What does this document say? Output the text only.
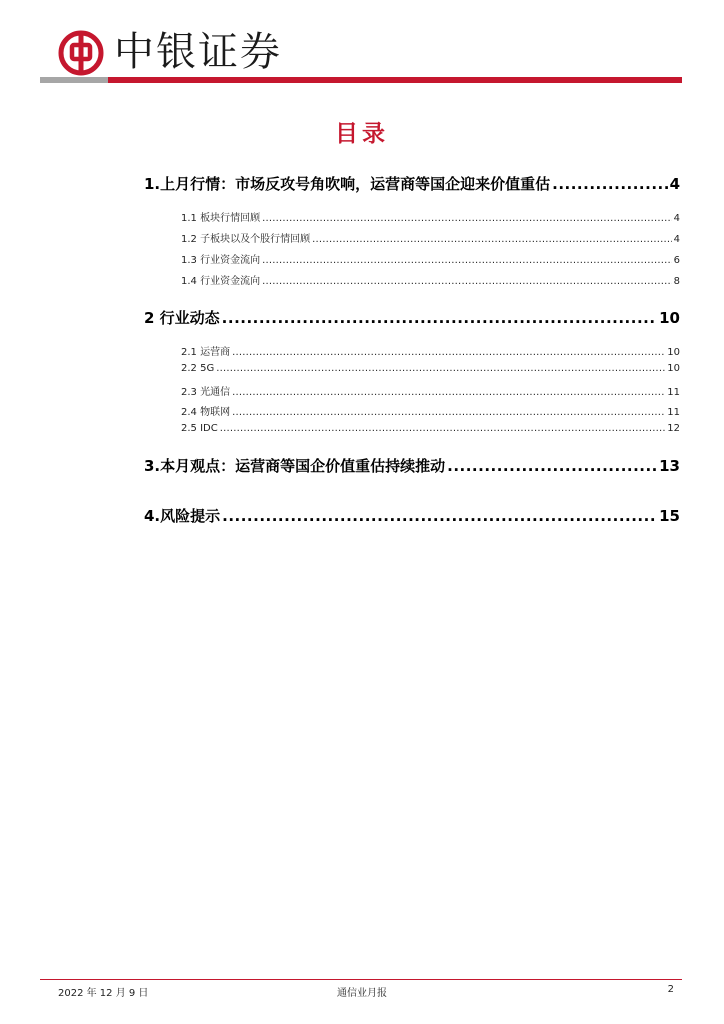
中银证券
目录
1.上月行情：市场反攻号角吹响，运营商等国企迎来价值重估 .....	4
1.1 板块行情回顾 .....	4
1.2 子板块以及个股行情回顾 .....	4
1.3 行业资金流向 .....	6
1.4 行业资金流向 .....	8
2 行业动态 .....	10
2.1 运营商 .....	10
2.2 5G .....	10
2.3 光通信 .....	11
2.4 物联网 .....	11
2.5 IDC .....	12
3.本月观点：运营商等国企价值重估持续推动 .....	13
4.风险提示 .....	15
2022 年 12 月 9 日	通信业月报	2
